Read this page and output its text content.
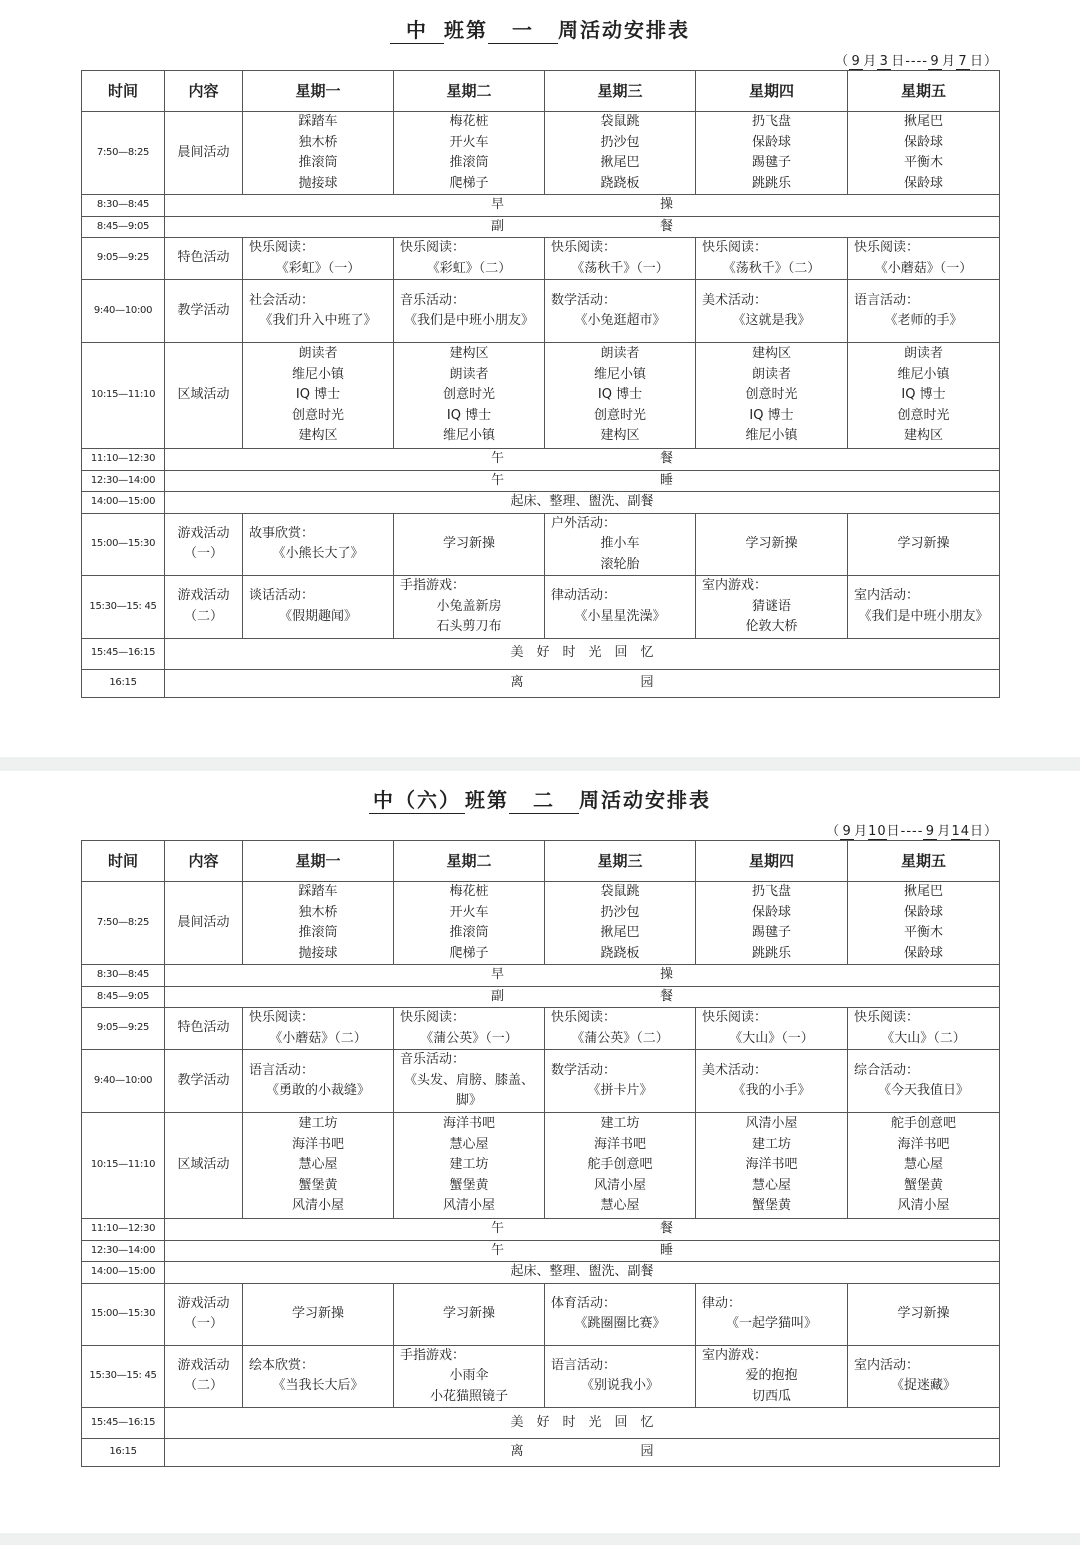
中 班第 一 周活动安排表
（ 9 月 3 日---- 9 月 7 日）
时间	内容	星期一	星期二	星期三	星期四	星期五
7:50—8:25	晨间活动	踩踏车
独木桥
推滚筒
抛接球	梅花桩
开火车
推滚筒
爬梯子	袋鼠跳
扔沙包
揪尾巴
跷跷板	扔飞盘
保龄球
踢毽子
跳跳乐	揪尾巴
保龄球
平衡木
保龄球

8:30—8:45	早　　　　　　　　　　　　操					
8:45—9:05	副　　　　　　　　　　　　餐					
9:05—9:25	特色活动	快乐阅读：
《彩虹》（一）	快乐阅读：
《彩虹》（二）	快乐阅读：
《荡秋千》（一）	快乐阅读：
《荡秋千》（二）	快乐阅读：
《小蘑菇》（一）

9:40—10:00	教学活动	社会活动：
《我们升入中班了》	音乐活动：
《我们是中班小朋友》	数学活动：
《小兔逛超市》	美术活动：
《这就是我》	语言活动：
《老师的手》

10:15—11:10	区域活动	朗读者
维尼小镇
IQ 博士
创意时光
建构区	建构区
朗读者
创意时光
IQ 博士
维尼小镇	朗读者
维尼小镇
IQ 博士
创意时光
建构区	建构区
朗读者
创意时光
IQ 博士
维尼小镇	朗读者
维尼小镇
IQ 博士
创意时光
建构区

11:10—12:30	午　　　　　　　　　　　　餐					
12:30—14:00	午　　　　　　　　　　　　睡					
14:00—15:00	起床、整理、盥洗、副餐					
15:00—15:30	游戏活动
（一）	故事欣赏：
《小熊长大了》	学习新操	户外活动：
推小车
滚轮胎	学习新操	学习新操

15:30—15: 45	游戏活动
（二）	谈话活动：
《假期趣闻》	手指游戏：
小兔盖新房
石头剪刀布	律动活动：
《小星星洗澡》	室内游戏：
猜谜语
伦敦大桥	室内活动：
《我们是中班小朋友》

15:45—16:15	美　好　时　光　回　忆					
16:15	离　　　　　　　　　园					
中（六） 班第 二 周活动安排表
（ 9 月10日---- 9 月14日）
时间	内容	星期一	星期二	星期三	星期四	星期五
7:50—8:25	晨间活动	踩踏车
独木桥
推滚筒
抛接球	梅花桩
开火车
推滚筒
爬梯子	袋鼠跳
扔沙包
揪尾巴
跷跷板	扔飞盘
保龄球
踢毽子
跳跳乐	揪尾巴
保龄球
平衡木
保龄球

8:30—8:45	早　　　　　　　　　　　　操					
8:45—9:05	副　　　　　　　　　　　　餐					
9:05—9:25	特色活动	快乐阅读：
《小蘑菇》（二）	快乐阅读：
《蒲公英》（一）	快乐阅读：
《蒲公英》（二）	快乐阅读：
《大山》（一）	快乐阅读：
《大山》（二）

9:40—10:00	教学活动	语言活动：
《勇敢的小裁缝》	音乐活动：
《头发、肩膀、膝盖、脚》	数学活动：
《拼卡片》	美术活动：
《我的小手》	综合活动：
《今天我值日》

10:15—11:10	区域活动	建工坊
海洋书吧
慧心屋
蟹堡黄
风清小屋	海洋书吧
慧心屋
建工坊
蟹堡黄
风清小屋	建工坊
海洋书吧
舵手创意吧
风清小屋
慧心屋	风清小屋
建工坊
海洋书吧
慧心屋
蟹堡黄	舵手创意吧
海洋书吧
慧心屋
蟹堡黄
风清小屋

11:10—12:30	午　　　　　　　　　　　　餐					
12:30—14:00	午　　　　　　　　　　　　睡					
14:00—15:00	起床、整理、盥洗、副餐					
15:00—15:30	游戏活动
（一）	学习新操	学习新操	体育活动：
《跳圈圈比赛》	律动：
《一起学猫叫》	学习新操

15:30—15: 45	游戏活动
（二）	绘本欣赏：
《当我长大后》	手指游戏：
小雨伞
小花猫照镜子	语言活动：
《别说我小》	室内游戏：
爱的抱抱
切西瓜	室内活动：
《捉迷藏》

15:45—16:15	美　好　时　光　回　忆					
16:15	离　　　　　　　　　园					
